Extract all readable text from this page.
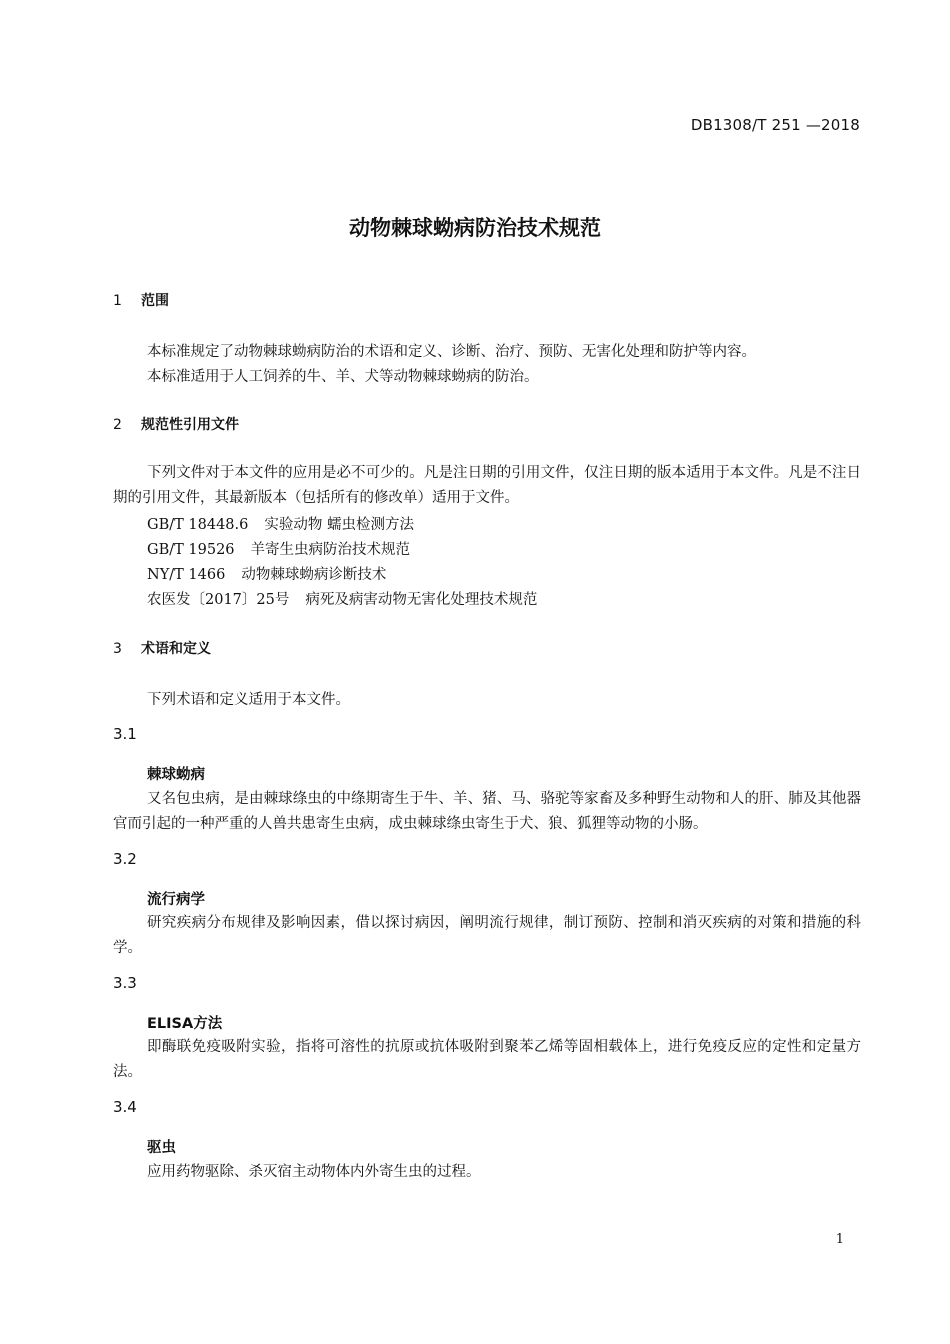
DB1308/T 251 —2018
动物棘球蚴病防治技术规范
1 范围
本标准规定了动物棘球蚴病防治的术语和定义、诊断、治疗、预防、无害化处理和防护等内容。
本标准适用于人工饲养的牛、羊、犬等动物棘球蚴病的防治。
2 规范性引用文件
下列文件对于本文件的应用是必不可少的。凡是注日期的引用文件，仅注日期的版本适用于本文件。凡是不注日期的引用文件，其最新版本（包括所有的修改单）适用于文件。
GB/T 18448.6 实验动物 蠕虫检测方法
GB/T 19526 羊寄生虫病防治技术规范
NY/T 1466 动物棘球蚴病诊断技术
农医发〔2017〕25号 病死及病害动物无害化处理技术规范
3 术语和定义
下列术语和定义适用于本文件。
3.1
棘球蚴病
又名包虫病，是由棘球绦虫的中绦期寄生于牛、羊、猪、马、骆驼等家畜及多种野生动物和人的肝、肺及其他器官而引起的一种严重的人兽共患寄生虫病，成虫棘球绦虫寄生于犬、狼、狐狸等动物的小肠。
3.2
流行病学
研究疾病分布规律及影响因素，借以探讨病因，阐明流行规律，制订预防、控制和消灭疾病的对策和措施的科学。
3.3
ELISA方法
即酶联免疫吸附实验，指将可溶性的抗原或抗体吸附到聚苯乙烯等固相载体上，进行免疫反应的定性和定量方法。
3.4
驱虫
应用药物驱除、杀灭宿主动物体内外寄生虫的过程。
1
